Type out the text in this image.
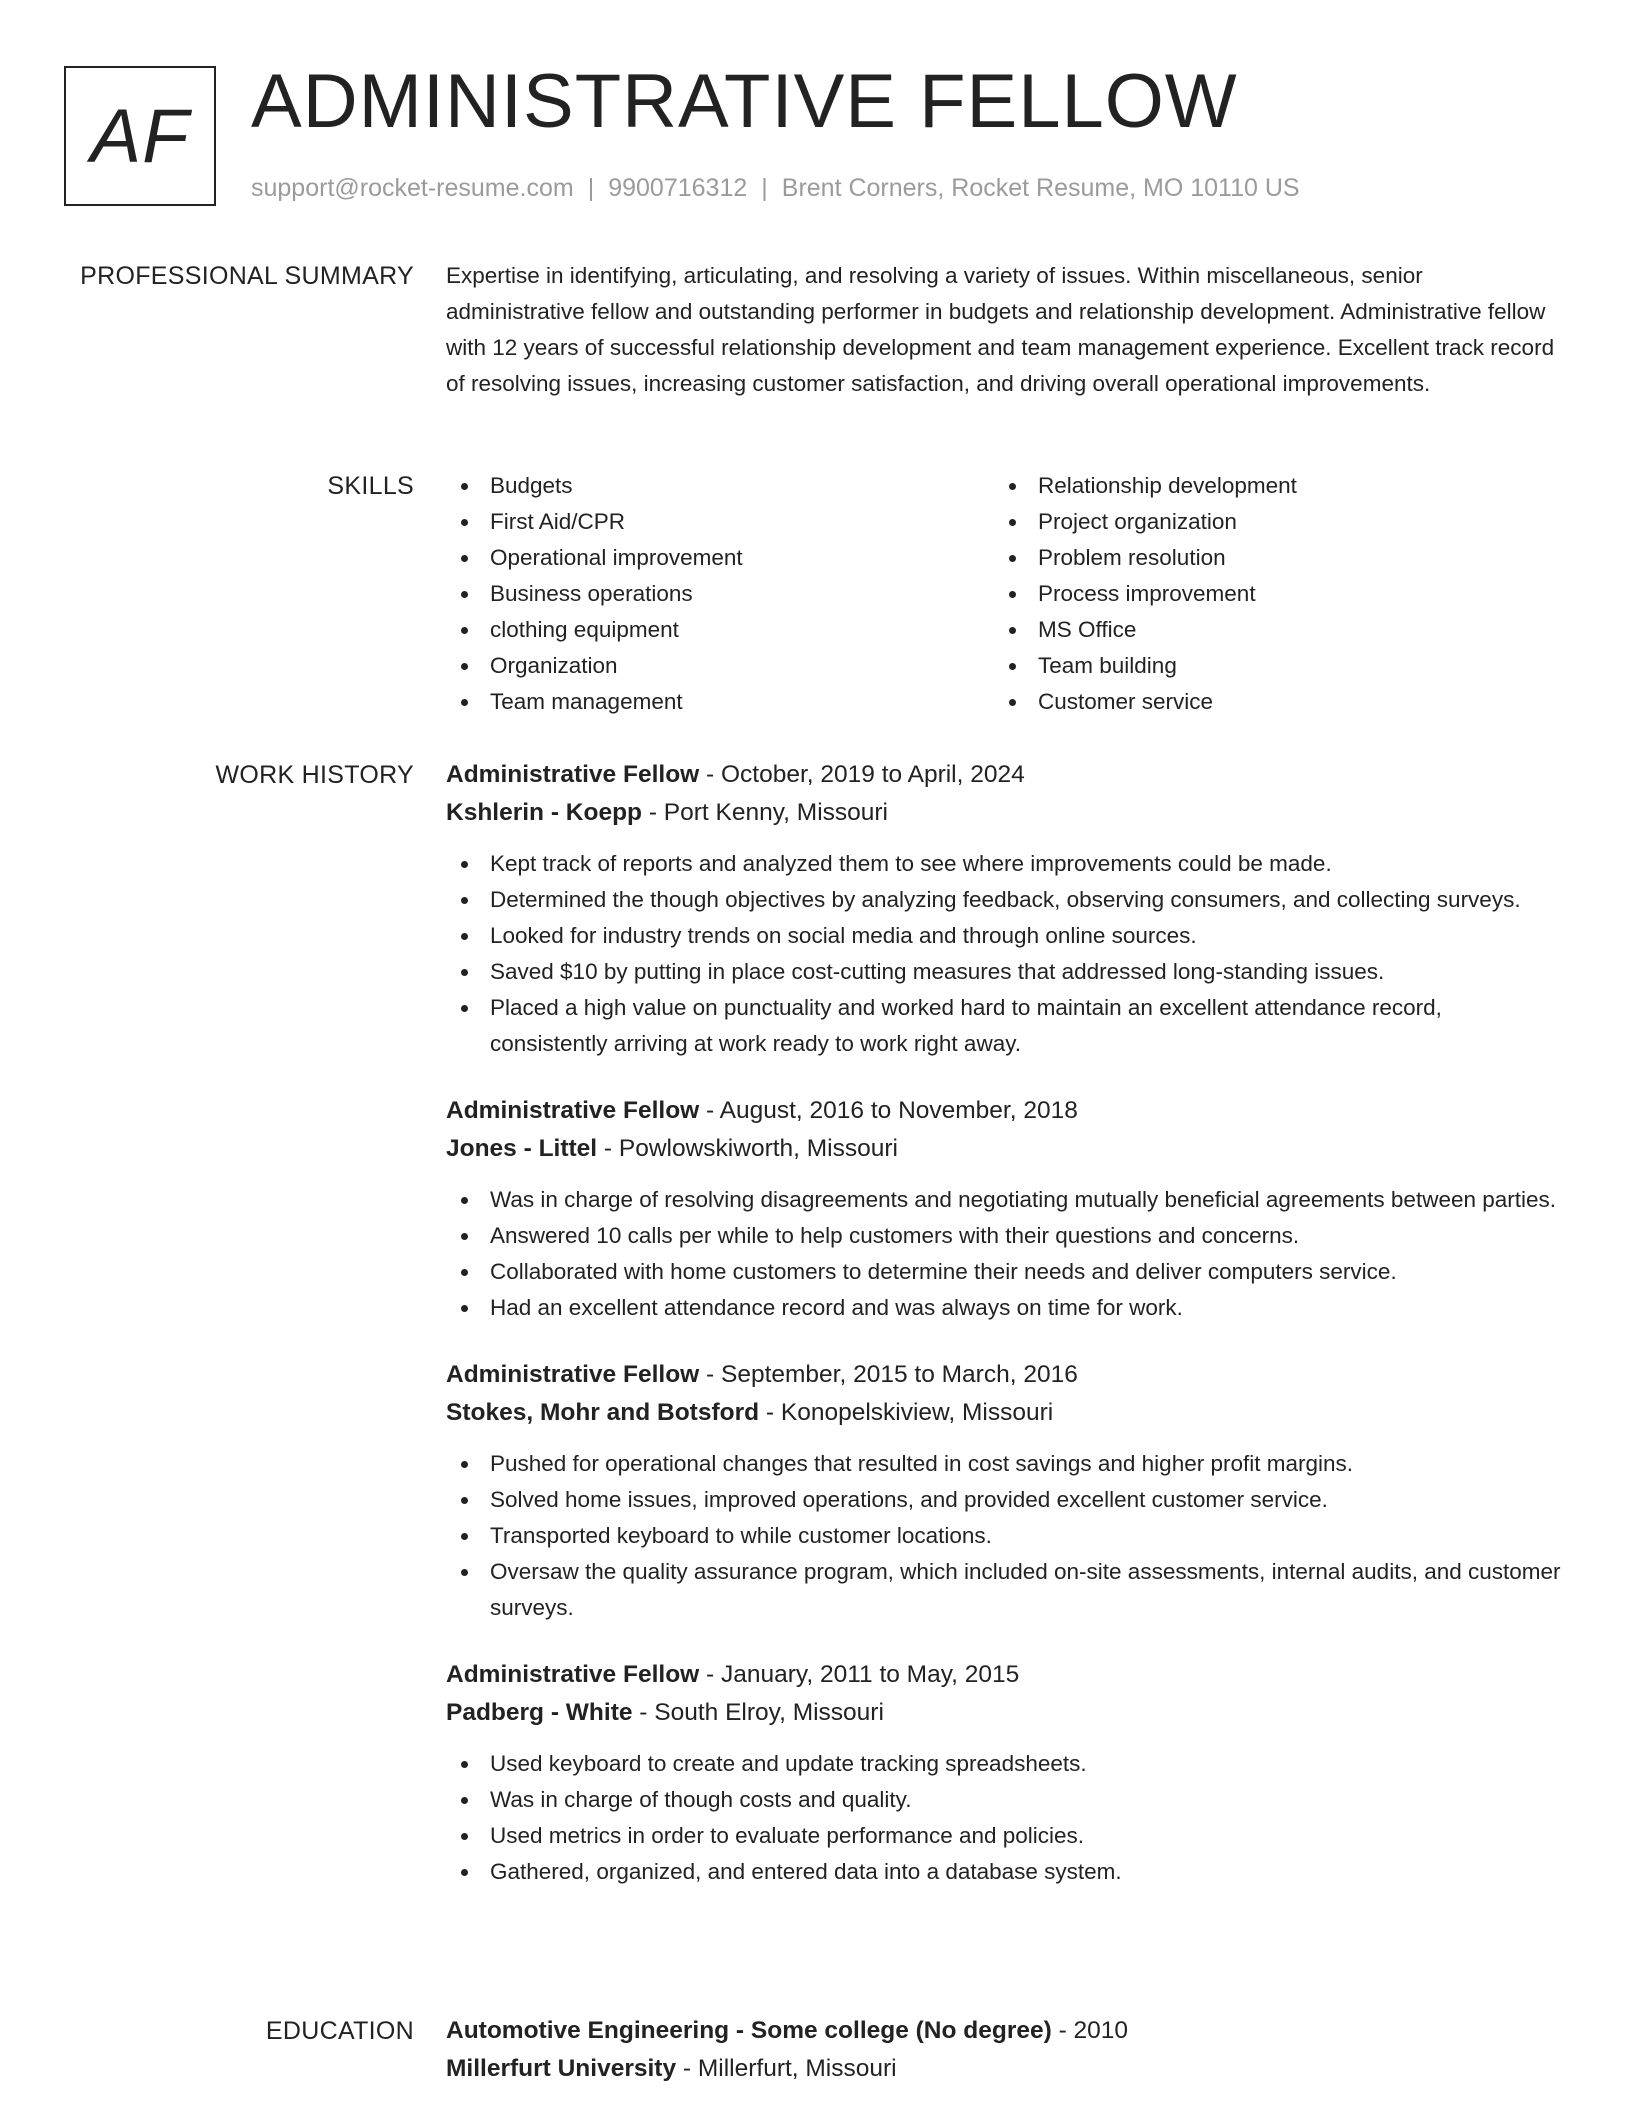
AF ADMINISTRATIVE FELLOW
support@rocket-resume.com | 9900716312 | Brent Corners, Rocket Resume, MO 10110 US
PROFESSIONAL SUMMARY Expertise in identifying, articulating, and resolving a variety of issues. Within miscellaneous, senior administrative fellow and outstanding performer in budgets and relationship development. Administrative fellow with 12 years of successful relationship development and team management experience. Excellent track record of resolving issues, increasing customer satisfaction, and driving overall operational improvements.

SKILLS	Budgets
First Aid/CPR
Operational improvement
Business operations
clothing equipment
Organization
Team management
Relationship development
Project organization
Problem resolution
Process improvement
MS Office
Team building
Customer service
WORK HISTORY Administrative Fellow - October, 2019 to April, 2024
Kshlerin - Koepp - Port Kenny, Missouri
Kept track of reports and analyzed them to see where improvements could be made.
Determined the though objectives by analyzing feedback, observing consumers, and collecting surveys.
Looked for industry trends on social media and through online sources.
Saved $10 by putting in place cost-cutting measures that addressed long-standing issues.
Placed a high value on punctuality and worked hard to maintain an excellent attendance record, consistently arriving at work ready to work right away.
Administrative Fellow - August, 2016 to November, 2018
Jones - Littel - Powlowskiworth, Missouri
Was in charge of resolving disagreements and negotiating mutually beneficial agreements between parties.
Answered 10 calls per while to help customers with their questions and concerns.
Collaborated with home customers to determine their needs and deliver computers service.
Had an excellent attendance record and was always on time for work.
Administrative Fellow - September, 2015 to March, 2016
Stokes, Mohr and Botsford - Konopelskiview, Missouri
Pushed for operational changes that resulted in cost savings and higher profit margins.
Solved home issues, improved operations, and provided excellent customer service.
Transported keyboard to while customer locations.
Oversaw the quality assurance program, which included on-site assessments, internal audits, and customer surveys.
Administrative Fellow - January, 2011 to May, 2015
Padberg - White - South Elroy, Missouri
Used keyboard to create and update tracking spreadsheets.
Was in charge of though costs and quality.
Used metrics in order to evaluate performance and policies.
Gathered, organized, and entered data into a database system.
EDUCATION Automotive Engineering - Some college (No degree) - 2010
Millerfurt University - Millerfurt, Missouri
